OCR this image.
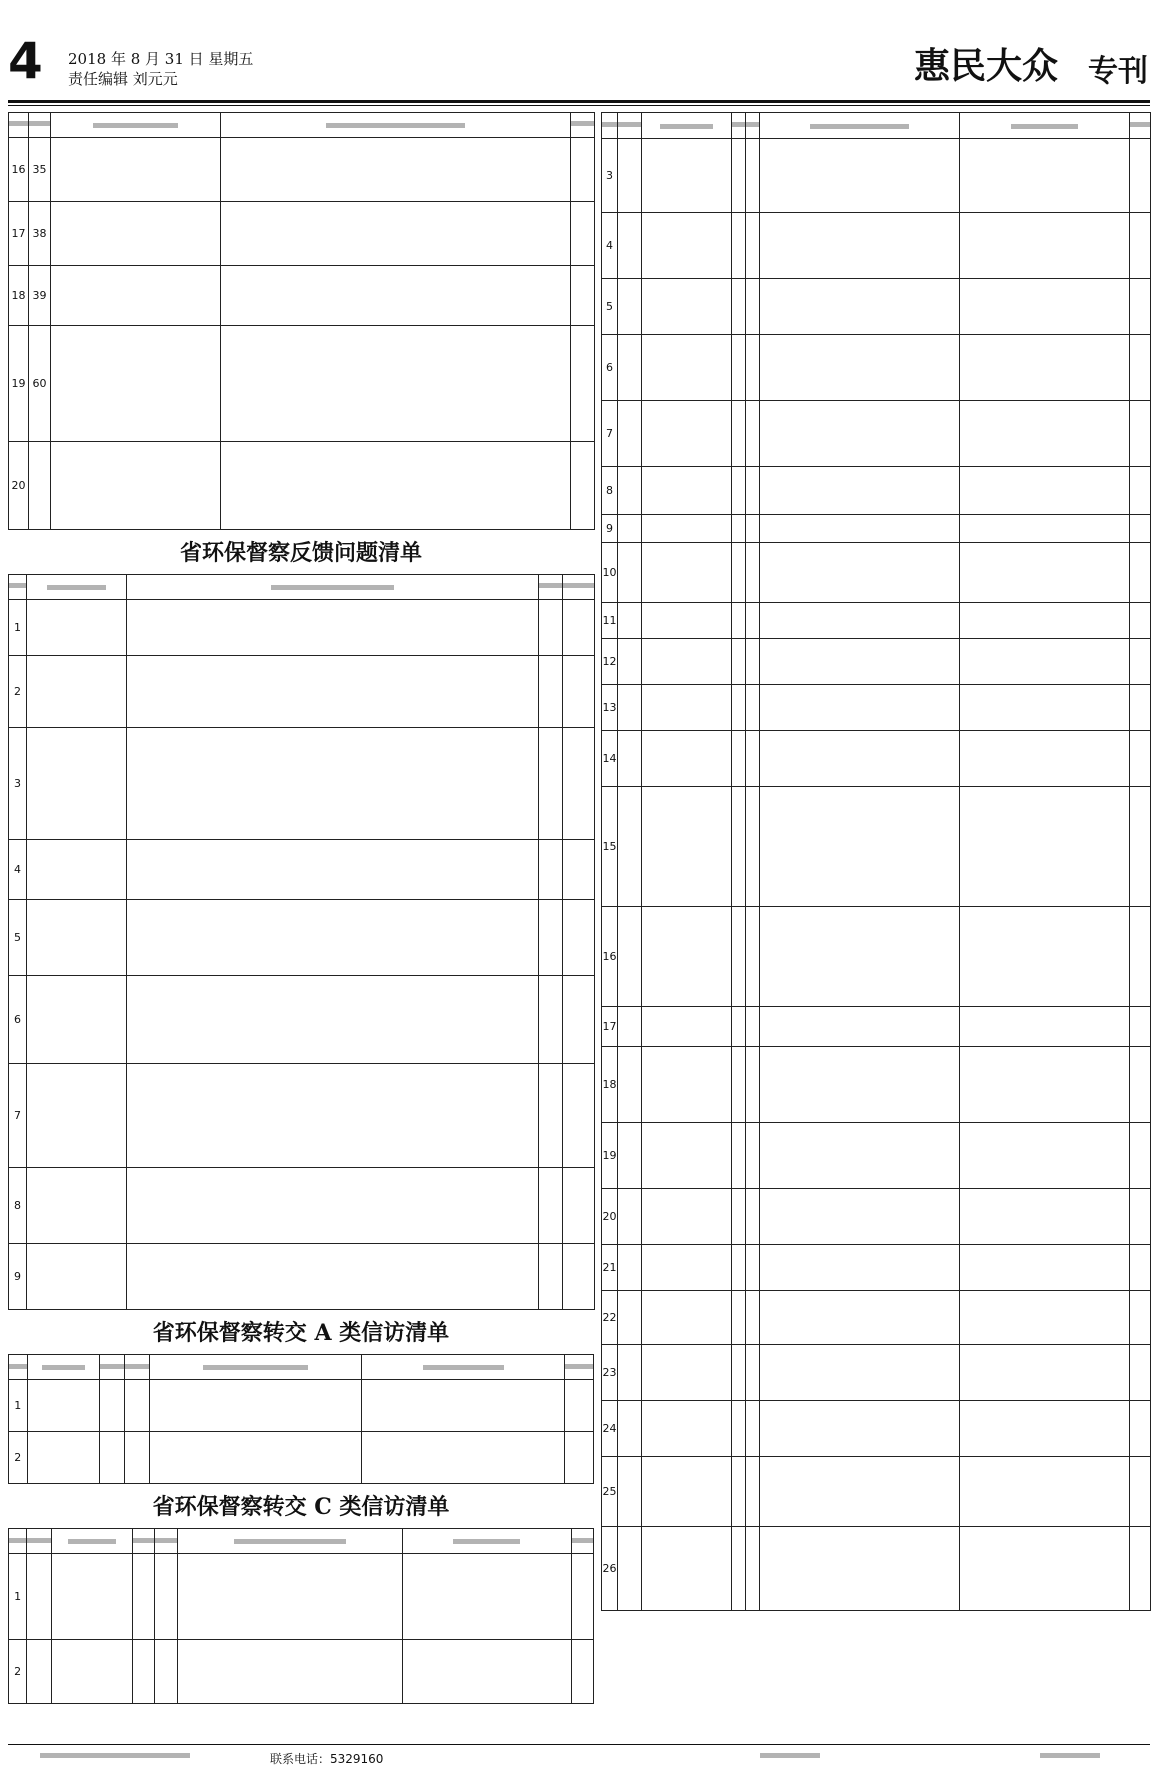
4 2018 年 8 月 31 日 星期五
责任编辑 刘元元	惠民大众 专刊

16	35	

17	38	

18	39	

19	60	

20		

省环保督察反馈问题清单

1	

2	

3	

4	

5	

6	

7	

8	

9	

省环保督察转交 A 类信访清单

1	

2	

省环保督察转交 C 类信访清单

1	

2	

3	

4	

5	

6	

7	

8	

9	

10	

11	

12	

13	

14	

15	

16	

17	

18	

19	

20	

21	

22	

23	

24	

25	

26	

联系电话：5329160
